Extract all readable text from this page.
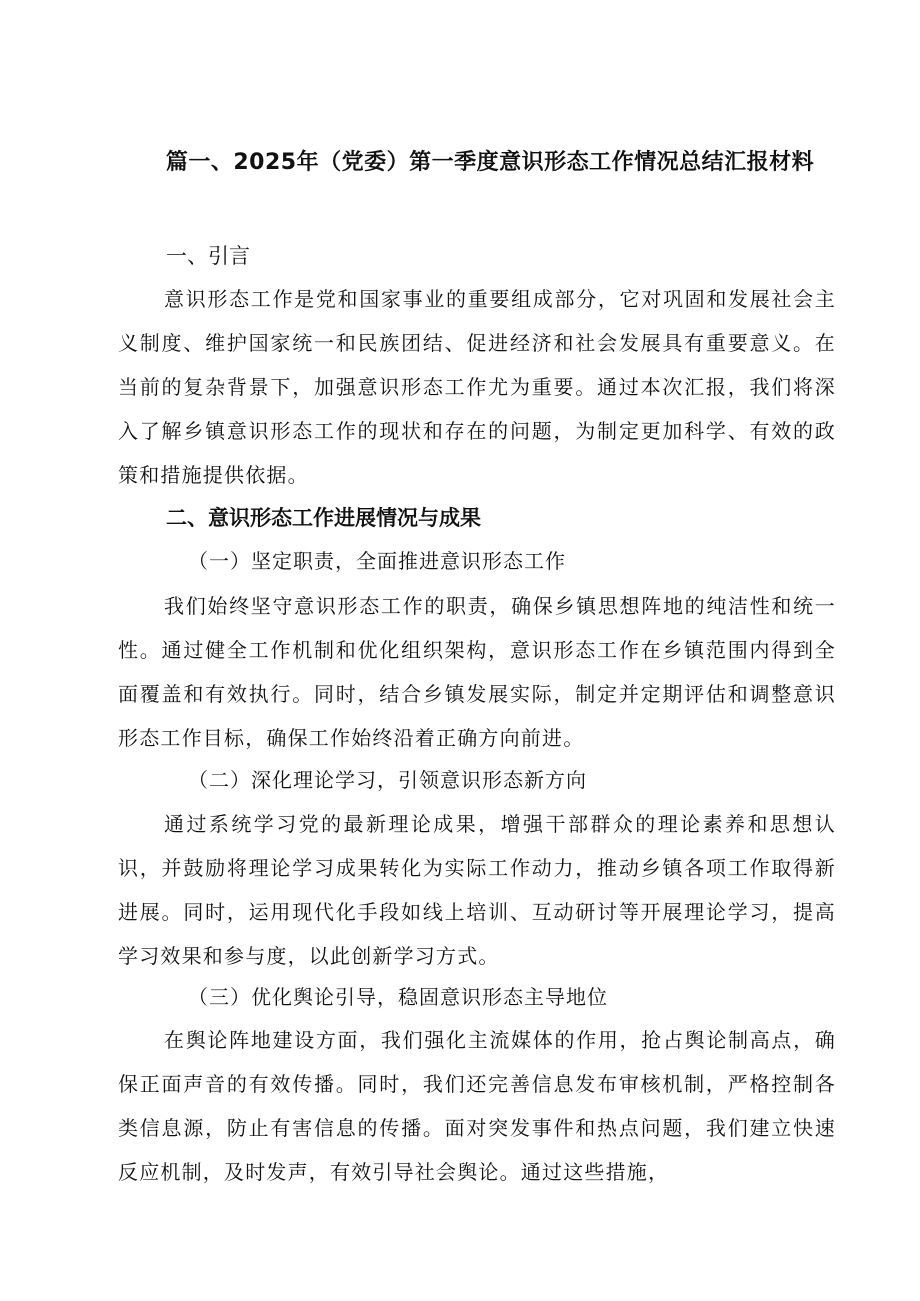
篇一、2025年（党委）第一季度意识形态工作情况总结汇报材料
一、引言
意识形态工作是党和国家事业的重要组成部分，它对巩固和发展社会主义制度、维护国家统一和民族团结、促进经济和社会发展具有重要意义。在当前的复杂背景下，加强意识形态工作尤为重要。通过本次汇报，我们将深入了解乡镇意识形态工作的现状和存在的问题，为制定更加科学、有效的政策和措施提供依据。
二、意识形态工作进展情况与成果
（一）坚定职责，全面推进意识形态工作
我们始终坚守意识形态工作的职责，确保乡镇思想阵地的纯洁性和统一性。通过健全工作机制和优化组织架构，意识形态工作在乡镇范围内得到全面覆盖和有效执行。同时，结合乡镇发展实际，制定并定期评估和调整意识形态工作目标，确保工作始终沿着正确方向前进。
（二）深化理论学习，引领意识形态新方向
通过系统学习党的最新理论成果，增强干部群众的理论素养和思想认识，并鼓励将理论学习成果转化为实际工作动力，推动乡镇各项工作取得新进展。同时，运用现代化手段如线上培训、互动研讨等开展理论学习，提高学习效果和参与度，以此创新学习方式。
（三）优化舆论引导，稳固意识形态主导地位
在舆论阵地建设方面，我们强化主流媒体的作用，抢占舆论制高点，确保正面声音的有效传播。同时，我们还完善信息发布审核机制，严格控制各类信息源，防止有害信息的传播。面对突发事件和热点问题，我们建立快速反应机制，及时发声，有效引导社会舆论。通过这些措施，
